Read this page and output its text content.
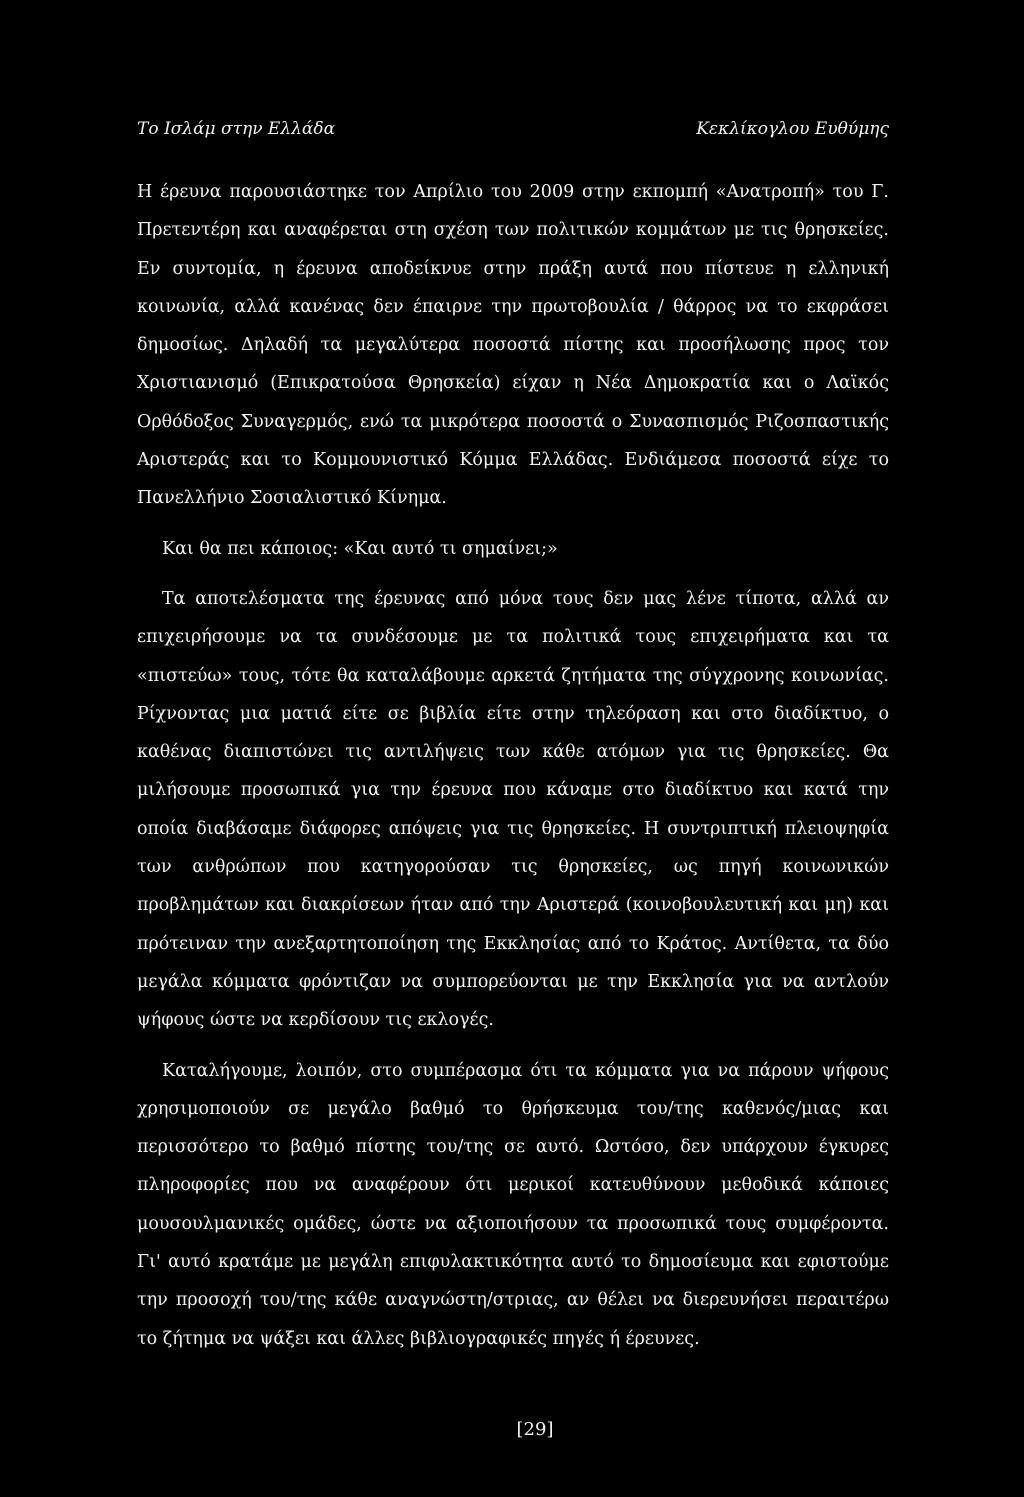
Το Ισλάμ στην Ελλάδα	Κεκλίκογλου Ευθύμης

Η έρευνα παρουσιάστηκε τον Απρίλιο του 2009 στην εκπομπή «Ανατροπή» του Γ. Πρετεντέρη και αναφέρεται στη σχέση των πολιτικών κομμάτων με τις θρησκείες. Εν συντομία, η έρευνα αποδείκνυε στην πράξη αυτά που πίστευε η ελληνική κοινωνία, αλλά κανένας δεν έπαιρνε την πρωτοβουλία / θάρρος να το εκφράσει δημοσίως. Δηλαδή τα μεγαλύτερα ποσοστά πίστης και προσήλωσης προς τον Χριστιανισμό (Επικρατούσα Θρησκεία) είχαν η Νέα Δημοκρατία και ο Λαϊκός Ορθόδοξος Συναγερμός, ενώ τα μικρότερα ποσοστά ο Συνασπισμός Ριζοσπαστικής Αριστεράς και το Κομμουνιστικό Κόμμα Ελλάδας. Ενδιάμεσα ποσοστά είχε το Πανελλήνιο Σοσιαλιστικό Κίνημα.

Και θα πει κάποιος: «Και αυτό τι σημαίνει;»

Τα αποτελέσματα της έρευνας από μόνα τους δεν μας λένε τίποτα, αλλά αν επιχειρήσουμε να τα συνδέσουμε με τα πολιτικά τους επιχειρήματα και τα «πιστεύω» τους, τότε θα καταλάβουμε αρκετά ζητήματα της σύγχρονης κοινωνίας. Ρίχνοντας μια ματιά είτε σε βιβλία είτε στην τηλεόραση και στο διαδίκτυο, ο καθένας διαπιστώνει τις αντιλήψεις των κάθε ατόμων για τις θρησκείες. Θα μιλήσουμε προσωπικά για την έρευνα που κάναμε στο διαδίκτυο και κατά την οποία διαβάσαμε διάφορες απόψεις για τις θρησκείες. Η συντριπτική πλειοψηφία των ανθρώπων που κατηγορούσαν τις θρησκείες, ως πηγή κοινωνικών προβλημάτων και διακρίσεων ήταν από την Αριστερά (κοινοβουλευτική και μη) και πρότειναν την ανεξαρτητοποίηση της Εκκλησίας από το Κράτος. Αντίθετα, τα δύο μεγάλα κόμματα φρόντιζαν να συμπορεύονται με την Εκκλησία για να αντλούν ψήφους ώστε να κερδίσουν τις εκλογές.

Καταλήγουμε, λοιπόν, στο συμπέρασμα ότι τα κόμματα για να πάρουν ψήφους χρησιμοποιούν σε μεγάλο βαθμό το θρήσκευμα του/της καθενός/μιας και περισσότερο το βαθμό πίστης του/της σε αυτό. Ωστόσο, δεν υπάρχουν έγκυρες πληροφορίες που να αναφέρουν ότι μερικοί κατευθύνουν μεθοδικά κάποιες μουσουλμανικές ομάδες, ώστε να αξιοποιήσουν τα προσωπικά τους συμφέροντα. Γι' αυτό κρατάμε με μεγάλη επιφυλακτικότητα αυτό το δημοσίευμα και εφιστούμε την προσοχή του/της κάθε αναγνώστη/στριας, αν θέλει να διερευνήσει περαιτέρω το ζήτημα να ψάξει και άλλες βιβλιογραφικές πηγές ή έρευνες.

[29]
